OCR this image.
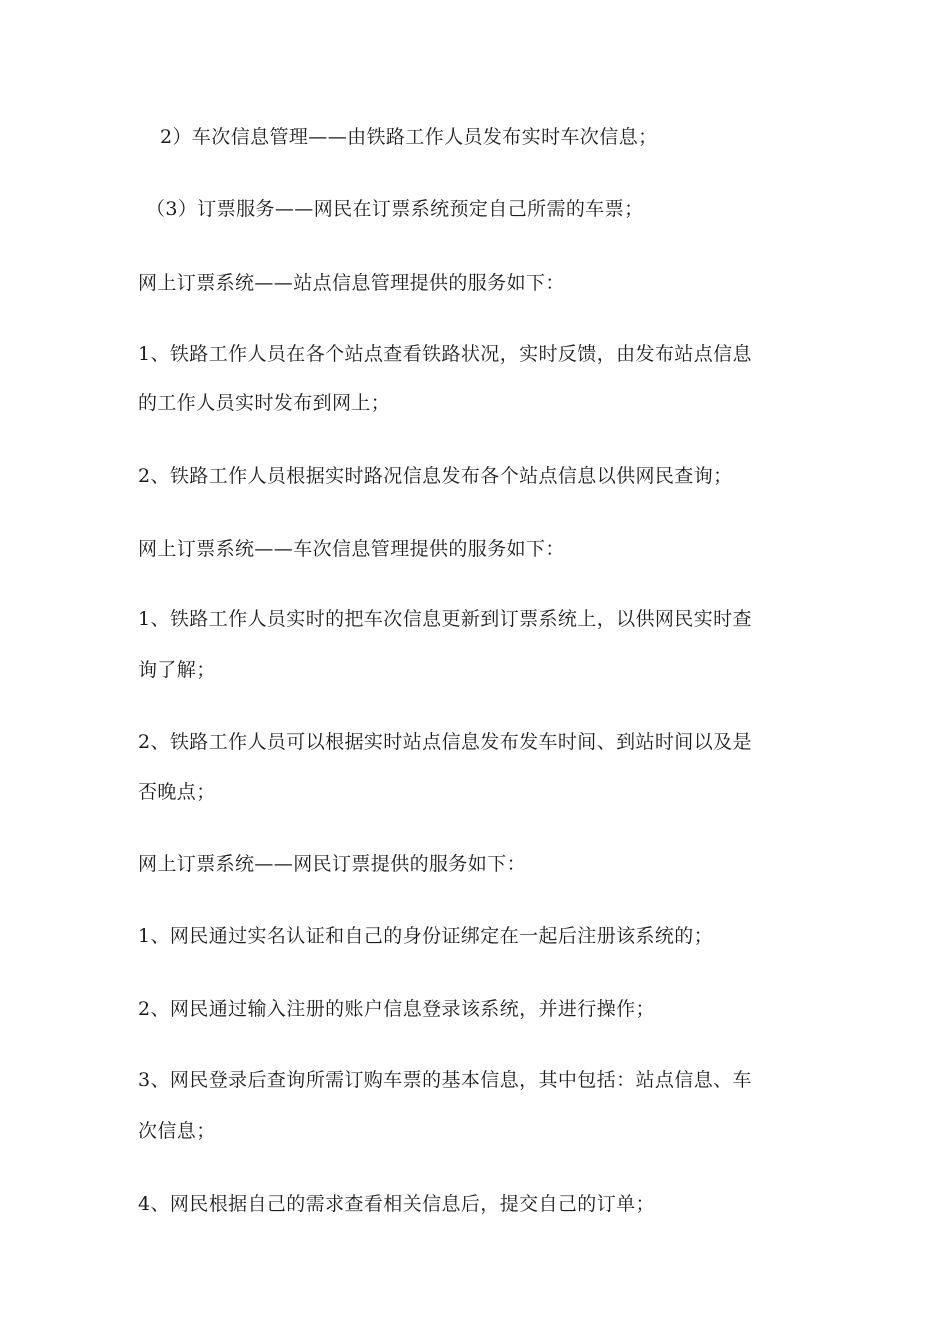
2）车次信息管理——由铁路工作人员发布实时车次信息；
（3）订票服务——网民在订票系统预定自己所需的车票；
网上订票系统——站点信息管理提供的服务如下：
1、铁路工作人员在各个站点查看铁路状况，实时反馈，由发布站点信息
的工作人员实时发布到网上；
2、铁路工作人员根据实时路况信息发布各个站点信息以供网民查询；
网上订票系统——车次信息管理提供的服务如下：
1、铁路工作人员实时的把车次信息更新到订票系统上，以供网民实时查
询了解；
2、铁路工作人员可以根据实时站点信息发布发车时间、到站时间以及是
否晚点；
网上订票系统——网民订票提供的服务如下：
1、网民通过实名认证和自己的身份证绑定在一起后注册该系统的；
2、网民通过输入注册的账户信息登录该系统，并进行操作；
3、网民登录后查询所需订购车票的基本信息，其中包括：站点信息、车
次信息；
4、网民根据自己的需求查看相关信息后，提交自己的订单；
